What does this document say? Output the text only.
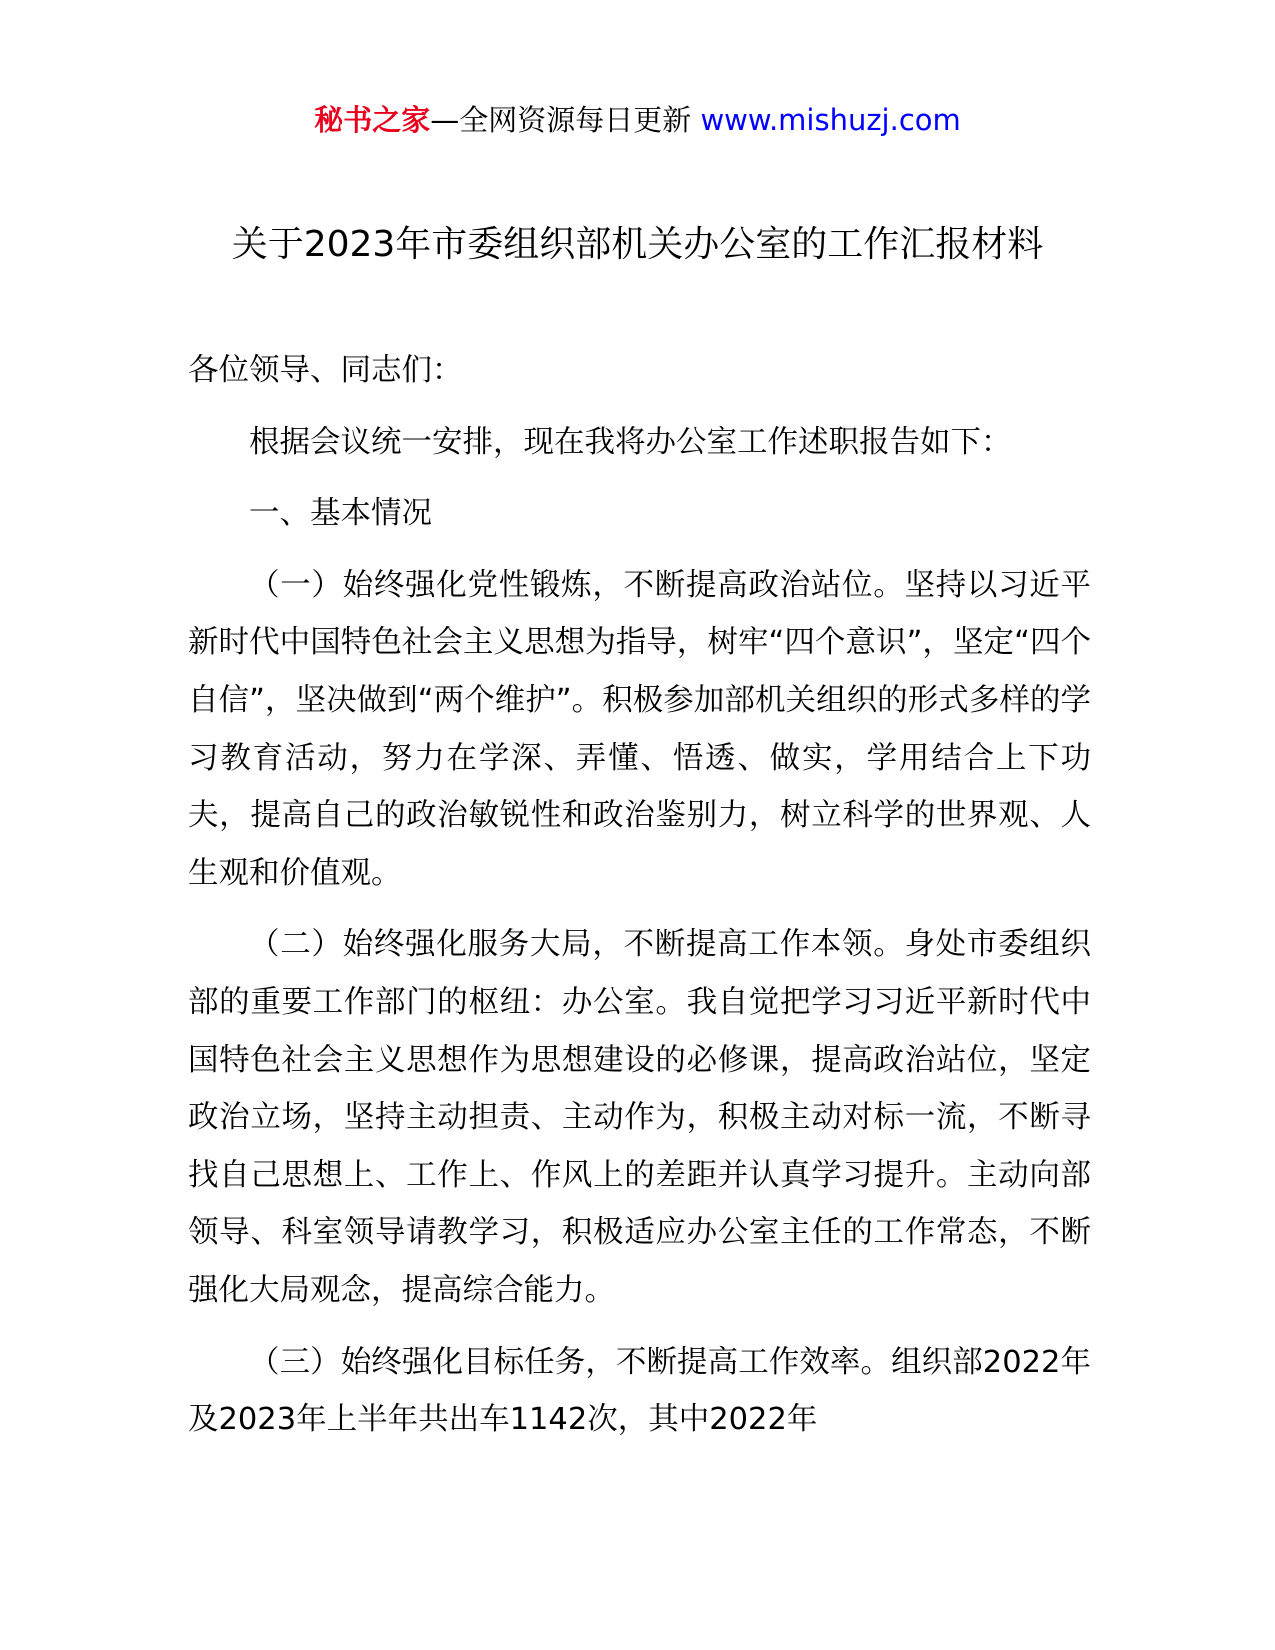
秘书之家—全网资源每日更新 www.mishuzj.com
关于2023年市委组织部机关办公室的工作汇报材料

各位领导、同志们：

根据会议统一安排，现在我将办公室工作述职报告如下：

一、基本情况

（一）始终强化党性锻炼，不断提高政治站位。坚持以习近平新时代中国特色社会主义思想为指导，树牢“四个意识”，坚定“四个自信”，坚决做到“两个维护”。积极参加部机关组织的形式多样的学习教育活动，努力在学深、弄懂、悟透、做实，学用结合上下功夫，提高自己的政治敏锐性和政治鉴别力，树立科学的世界观、人生观和价值观。

（二）始终强化服务大局，不断提高工作本领。身处市委组织部的重要工作部门的枢纽：办公室。我自觉把学习习近平新时代中国特色社会主义思想作为思想建设的必修课，提高政治站位，坚定政治立场，坚持主动担责、主动作为，积极主动对标一流，不断寻找自己思想上、工作上、作风上的差距并认真学习提升。主动向部领导、科室领导请教学习，积极适应办公室主任的工作常态，不断强化大局观念，提高综合能力。

（三）始终强化目标任务，不断提高工作效率。组织部2022年及2023年上半年共出车1142次，其中2022年
